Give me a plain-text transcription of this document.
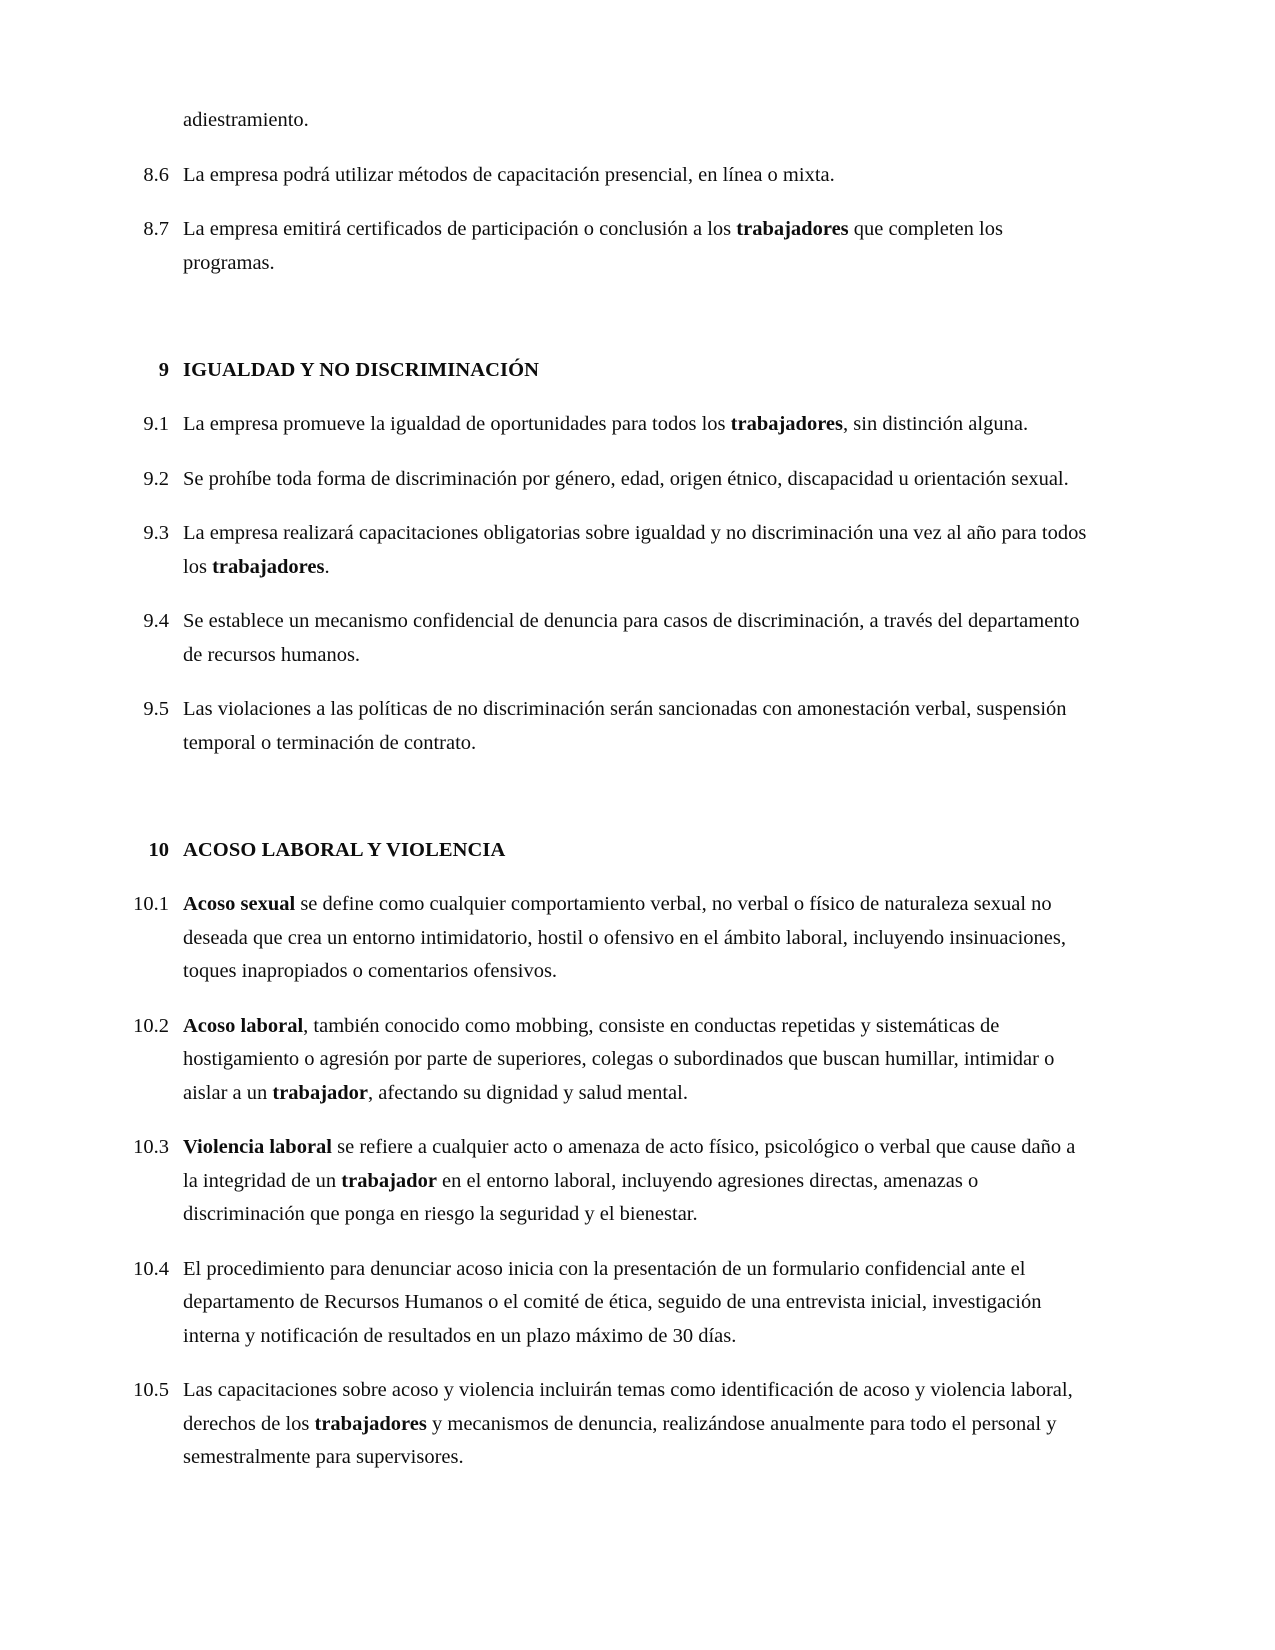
adiestramiento.
8.6 La empresa podrá utilizar métodos de capacitación presencial, en línea o mixta.
8.7 La empresa emitirá certificados de participación o conclusión a los trabajadores que completen los programas.
9 IGUALDAD Y NO DISCRIMINACIÓN
9.1 La empresa promueve la igualdad de oportunidades para todos los trabajadores, sin distinción alguna.
9.2 Se prohíbe toda forma de discriminación por género, edad, origen étnico, discapacidad u orientación sexual.
9.3 La empresa realizará capacitaciones obligatorias sobre igualdad y no discriminación una vez al año para todos los trabajadores.
9.4 Se establece un mecanismo confidencial de denuncia para casos de discriminación, a través del departamento de recursos humanos.
9.5 Las violaciones a las políticas de no discriminación serán sancionadas con amonestación verbal, suspensión temporal o terminación de contrato.
10 ACOSO LABORAL Y VIOLENCIA
10.1 Acoso sexual se define como cualquier comportamiento verbal, no verbal o físico de naturaleza sexual no deseada que crea un entorno intimidatorio, hostil o ofensivo en el ámbito laboral, incluyendo insinuaciones, toques inapropiados o comentarios ofensivos.
10.2 Acoso laboral, también conocido como mobbing, consiste en conductas repetidas y sistemáticas de hostigamiento o agresión por parte de superiores, colegas o subordinados que buscan humillar, intimidar o aislar a un trabajador, afectando su dignidad y salud mental.
10.3 Violencia laboral se refiere a cualquier acto o amenaza de acto físico, psicológico o verbal que cause daño a la integridad de un trabajador en el entorno laboral, incluyendo agresiones directas, amenazas o discriminación que ponga en riesgo la seguridad y el bienestar.
10.4 El procedimiento para denunciar acoso inicia con la presentación de un formulario confidencial ante el departamento de Recursos Humanos o el comité de ética, seguido de una entrevista inicial, investigación interna y notificación de resultados en un plazo máximo de 30 días.
10.5 Las capacitaciones sobre acoso y violencia incluirán temas como identificación de acoso y violencia laboral, derechos de los trabajadores y mecanismos de denuncia, realizándose anualmente para todo el personal y semestralmente para supervisores.
